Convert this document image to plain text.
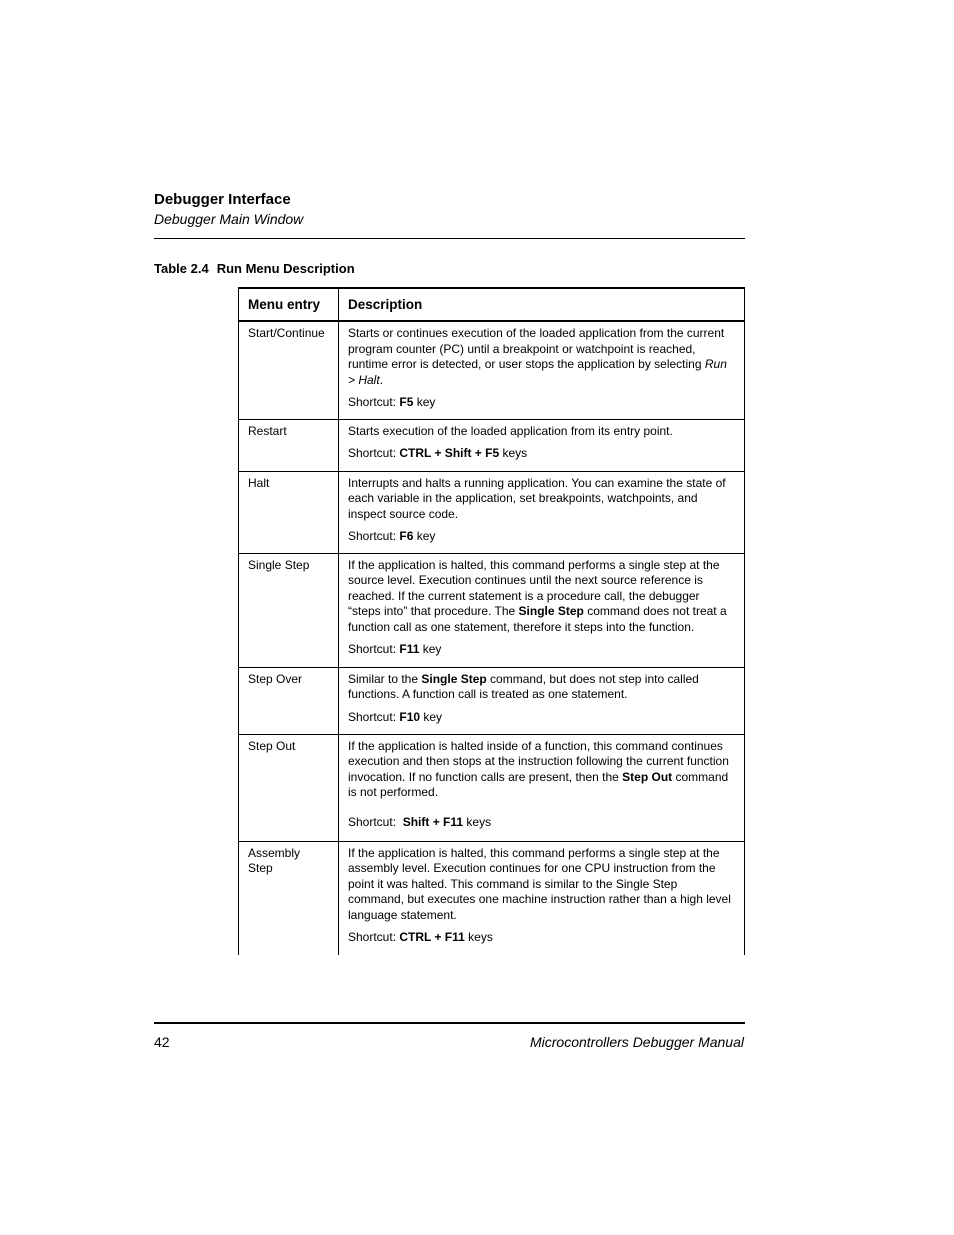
Debugger Interface
Debugger Main Window
Table 2.4 Run Menu Description
Menu entry	Description

Start/Continue	Starts or continues execution of the loaded application from the current program counter (PC) until a breakpoint or watchpoint is reached, runtime error is detected, or user stops the application by selecting Run > Halt.
Shortcut: F5 key

Restart	Starts execution of the loaded application from its entry point.
Shortcut: CTRL + Shift + F5 keys

Halt	Interrupts and halts a running application. You can examine the state of each variable in the application, set breakpoints, watchpoints, and inspect source code.
Shortcut: F6 key

Single Step	If the application is halted, this command performs a single step at the source level. Execution continues until the next source reference is reached. If the current statement is a procedure call, the debugger “steps into” that procedure. The Single Step command does not treat a function call as one statement, therefore it steps into the function.
Shortcut: F11 key

Step Over	Similar to the Single Step command, but does not step into called functions. A function call is treated as one statement.
Shortcut: F10 key

Step Out	If the application is halted inside of a function, this command continues execution and then stops at the instruction following the current function invocation. If no function calls are present, then the Step Out command is not performed.
Shortcut:  Shift + F11 keys

Assembly
Step	If the application is halted, this command performs a single step at the assembly level. Execution continues for one CPU instruction from the point it was halted. This command is similar to the Single Step command, but executes one machine instruction rather than a high level language statement.
Shortcut: CTRL + F11 keys
42	Microcontrollers Debugger Manual
